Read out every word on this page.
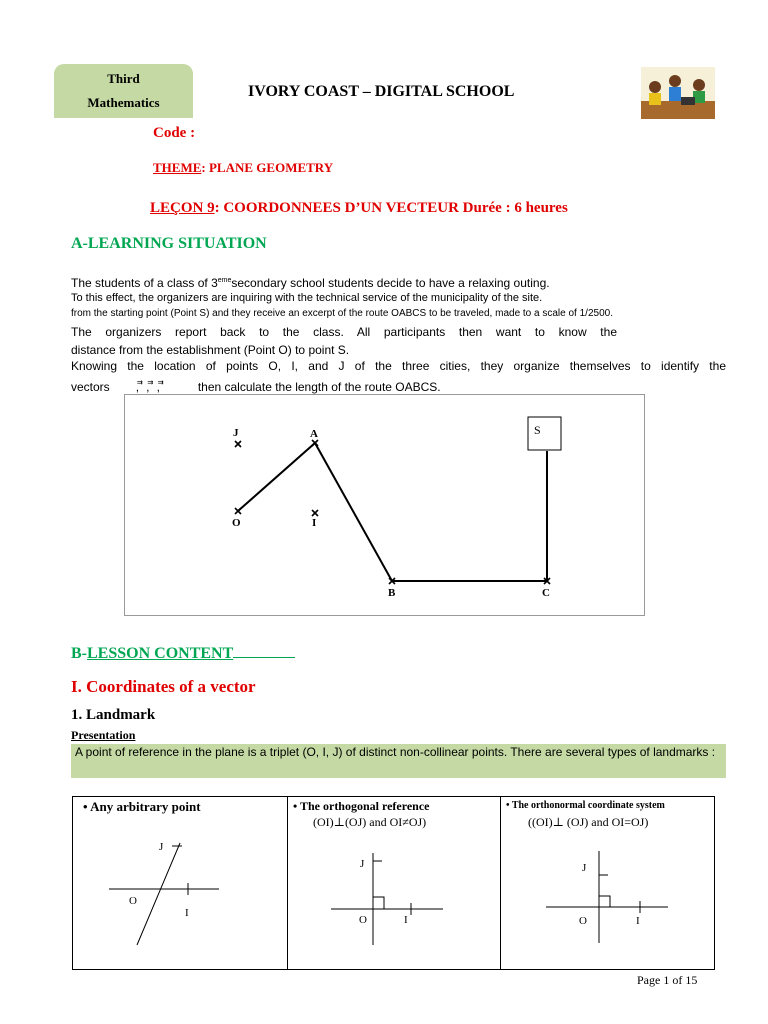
Third
Mathematics
IVORY COAST – DIGITAL SCHOOL
Code :
THEME: PLANE GEOMETRY
LEÇON 9: COORDONNEES D’UN VECTEUR Durée : 6 heures
A-LEARNING SITUATION
The students of a class of 3emesecondary school students decide to have a relaxing outing.
To this effect, the organizers are inquiring with the technical service of the municipality of the site.
from the starting point (Point S) and they receive an excerpt of the route OABCS to be traveled, made to a scale of 1/2500.
The organizers report back to the class. All participants then want to know the
distance from the establishment (Point O) to point S.
Knowing the location of points O, I, and J of the three cities, they organize themselves to identify the
vectors , ⃗⃗ , ⃗⃗ , ⃗⃗	then calculate the length of the route OABCS.
J	A	S
O	I
B	C
B-LESSON CONTENT
I. Coordinates of a vector
1. Landmark
Presentation
A point of reference in the plane is a triplet (O, I, J) of distinct non-collinear points. There are several types of landmarks :
• Any arbitrary point
J
O
I
• The orthogonal reference
(OI)⊥(OJ) and OI≠OJ)
J
O	I
• The orthonormal coordinate system
((OI)⊥ (OJ) and OI=OJ)
J
O	I
Page 1 of 15
